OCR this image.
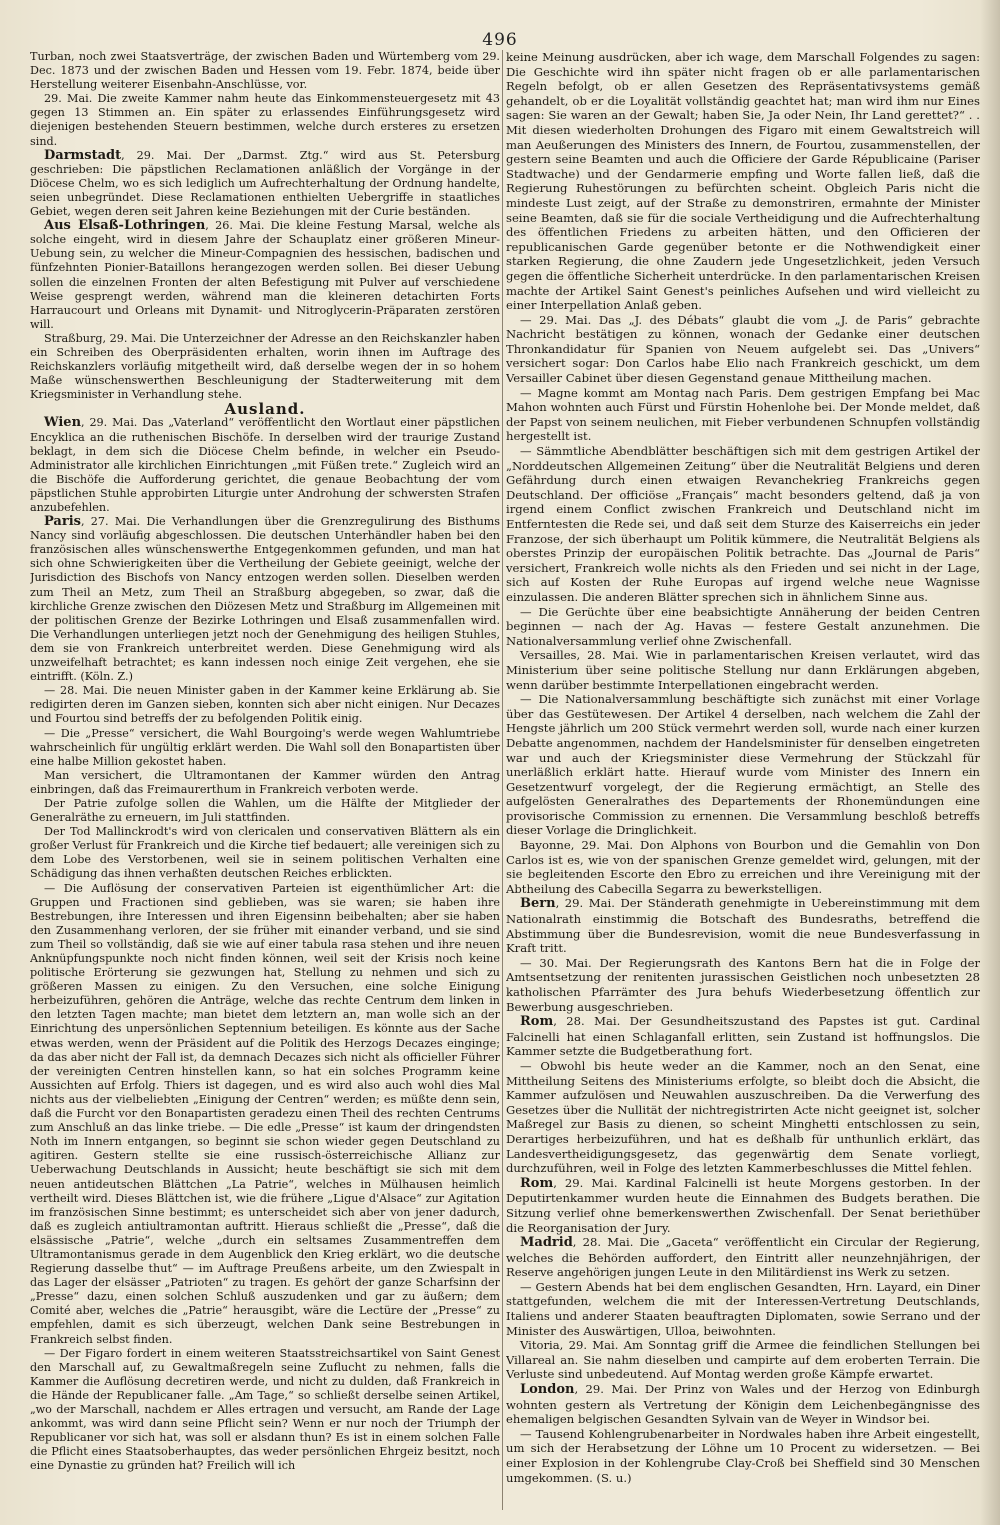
496

Turban, noch zwei Staatsverträge, der zwischen Baden und Würtemberg vom 29. Dec. 1873 und der zwischen Baden und Hessen vom 19. Febr. 1874, beide über Herstellung weiterer Eisenbahn-Anschlüsse, vor.

29. Mai. Die zweite Kammer nahm heute das Einkommensteuergesetz mit 43 gegen 13 Stimmen an. Ein später zu erlassendes Einführungsgesetz wird diejenigen bestehenden Steuern bestimmen, welche durch ersteres zu ersetzen sind.

Darmstadt, 29. Mai. Der „Darmst. Ztg.“ wird aus St. Petersburg geschrieben: Die päpstlichen Reclamationen anläßlich der Vorgänge in der Diöcese Chelm, wo es sich lediglich um Aufrechterhaltung der Ordnung handelte, seien unbegründet. Diese Reclamationen enthielten Uebergriffe in staatliches Gebiet, wegen deren seit Jahren keine Beziehungen mit der Curie beständen.

Aus Elsaß-Lothringen, 26. Mai. Die kleine Festung Marsal, welche als solche eingeht, wird in diesem Jahre der Schauplatz einer größeren Mineur-Uebung sein, zu welcher die Mineur-Compagnien des hessischen, badischen und fünfzehnten Pionier-Bataillons herangezogen werden sollen. Bei dieser Uebung sollen die einzelnen Fronten der alten Befestigung mit Pulver auf verschiedene Weise gesprengt werden, während man die kleineren detachirten Forts Harraucourt und Orleans mit Dynamit- und Nitroglycerin-Präparaten zerstören will.

Straßburg, 29. Mai. Die Unterzeichner der Adresse an den Reichskanzler haben ein Schreiben des Oberpräsidenten erhalten, worin ihnen im Auftrage des Reichskanzlers vorläufig mitgetheilt wird, daß derselbe wegen der in so hohem Maße wünschenswerthen Beschleunigung der Stadterweiterung mit dem Kriegsminister in Verhandlung stehe.

Ausland.

Wien, 29. Mai. Das „Vaterland“ veröffentlicht den Wortlaut einer päpstlichen Encyklica an die ruthenischen Bischöfe. In derselben wird der traurige Zustand beklagt, in dem sich die Diöcese Chelm befinde, in welcher ein Pseudo-Administrator alle kirchlichen Einrichtungen „mit Füßen trete.“ Zugleich wird an die Bischöfe die Aufforderung gerichtet, die genaue Beobachtung der vom päpstlichen Stuhle approbirten Liturgie unter Androhung der schwersten Strafen anzubefehlen.

Paris, 27. Mai. Die Verhandlungen über die Grenzregulirung des Bisthums Nancy sind vorläufig abgeschlossen. Die deutschen Unterhändler haben bei den französischen alles wünschenswerthe Entgegenkommen gefunden, und man hat sich ohne Schwierigkeiten über die Vertheilung der Gebiete geeinigt, welche der Jurisdiction des Bischofs von Nancy entzogen werden sollen. Dieselben werden zum Theil an Metz, zum Theil an Straßburg abgegeben, so zwar, daß die kirchliche Grenze zwischen den Diözesen Metz und Straßburg im Allgemeinen mit der politischen Grenze der Bezirke Lothringen und Elsaß zusammenfallen wird. Die Verhandlungen unterliegen jetzt noch der Genehmigung des heiligen Stuhles, dem sie von Frankreich unterbreitet werden. Diese Genehmigung wird als unzweifelhaft betrachtet; es kann indessen noch einige Zeit vergehen, ehe sie eintrifft. (Köln. Z.)

— 28. Mai. Die neuen Minister gaben in der Kammer keine Erklärung ab. Sie redigirten deren im Ganzen sieben, konnten sich aber nicht einigen. Nur Decazes und Fourtou sind betreffs der zu befolgenden Politik einig.

— Die „Presse“ versichert, die Wahl Bourgoing's werde wegen Wahlumtriebe wahrscheinlich für ungültig erklärt werden. Die Wahl soll den Bonapartisten über eine halbe Million gekostet haben.

Man versichert, die Ultramontanen der Kammer würden den Antrag einbringen, daß das Freimaurerthum in Frankreich verboten werde.

Der Patrie zufolge sollen die Wahlen, um die Hälfte der Mitglieder der Generalräthe zu erneuern, im Juli stattfinden.

Der Tod Mallinckrodt's wird von clericalen und conservativen Blättern als ein großer Verlust für Frankreich und die Kirche tief bedauert; alle vereinigen sich zu dem Lobe des Verstorbenen, weil sie in seinem politischen Verhalten eine Schädigung das ihnen verhaßten deutschen Reiches erblickten.

— Die Auflösung der conservativen Parteien ist eigenthümlicher Art: die Gruppen und Fractionen sind geblieben, was sie waren; sie haben ihre Bestrebungen, ihre Interessen und ihren Eigensinn beibehalten; aber sie haben den Zusammenhang verloren, der sie früher mit einander verband, und sie sind zum Theil so vollständig, daß sie wie auf einer tabula rasa stehen und ihre neuen Anknüpfungspunkte noch nicht finden können, weil seit der Krisis noch keine politische Erörterung sie gezwungen hat, Stellung zu nehmen und sich zu größeren Massen zu einigen. Zu den Versuchen, eine solche Einigung herbeizuführen, gehören die Anträge, welche das rechte Centrum dem linken in den letzten Tagen machte; man bietet dem letztern an, man wolle sich an der Einrichtung des unpersönlichen Septennium beteiligen. Es könnte aus der Sache etwas werden, wenn der Präsident auf die Politik des Herzogs Decazes einginge; da das aber nicht der Fall ist, da demnach Decazes sich nicht als officieller Führer der vereinigten Centren hinstellen kann, so hat ein solches Programm keine Aussichten auf Erfolg. Thiers ist dagegen, und es wird also auch wohl dies Mal nichts aus der vielbeliebten „Einigung der Centren“ werden; es müßte denn sein, daß die Furcht vor den Bonapartisten geradezu einen Theil des rechten Centrums zum Anschluß an das linke triebe. — Die edle „Presse“ ist kaum der dringendsten Noth im Innern entgangen, so beginnt sie schon wieder gegen Deutschland zu agitiren. Gestern stellte sie eine russisch-österreichische Allianz zur Ueberwachung Deutschlands in Aussicht; heute beschäftigt sie sich mit dem neuen antideutschen Blättchen „La Patrie“, welches in Mülhausen heimlich vertheilt wird. Dieses Blättchen ist, wie die frühere „Ligue d'Alsace“ zur Agitation im französischen Sinne bestimmt; es unterscheidet sich aber von jener dadurch, daß es zugleich antiultramontan auftritt. Hieraus schließt die „Presse“, daß die elsässische „Patrie“, welche „durch ein seltsames Zusammentreffen dem Ultramontanismus gerade in dem Augenblick den Krieg erklärt, wo die deutsche Regierung dasselbe thut“ — im Auftrage Preußens arbeite, um den Zwiespalt in das Lager der elsässer „Patrioten“ zu tragen. Es gehört der ganze Scharfsinn der „Presse“ dazu, einen solchen Schluß auszudenken und gar zu äußern; dem Comité aber, welches die „Patrie“ herausgibt, wäre die Lectüre der „Presse“ zu empfehlen, damit es sich überzeugt, welchen Dank seine Bestrebungen in Frankreich selbst finden.

— Der Figaro fordert in einem weiteren Staatsstreichsartikel von Saint Genest den Marschall auf, zu Gewaltmaßregeln seine Zuflucht zu nehmen, falls die Kammer die Auflösung decretiren werde, und nicht zu dulden, daß Frankreich in die Hände der Republicaner falle. „Am Tage,“ so schließt derselbe seinen Artikel, „wo der Marschall, nachdem er Alles ertragen und versucht, am Rande der Lage ankommt, was wird dann seine Pflicht sein? Wenn er nur noch der Triumph der Republicaner vor sich hat, was soll er alsdann thun? Es ist in einem solchen Falle die Pflicht eines Staatsoberhauptes, das weder persönlichen Ehrgeiz besitzt, noch eine Dynastie zu gründen hat? Freilich will ich

keine Meinung ausdrücken, aber ich wage, dem Marschall Folgendes zu sagen: Die Geschichte wird ihn später nicht fragen ob er alle parlamentarischen Regeln befolgt, ob er allen Gesetzen des Repräsentativsystems gemäß gehandelt, ob er die Loyalität vollständig geachtet hat; man wird ihm nur Eines sagen: Sie waren an der Gewalt; haben Sie, Ja oder Nein, Ihr Land gerettet?“ . . Mit diesen wiederholten Drohungen des Figaro mit einem Gewaltstreich will man Aeußerungen des Ministers des Innern, de Fourtou, zusammenstellen, der gestern seine Beamten und auch die Officiere der Garde Républicaine (Pariser Stadtwache) und der Gendarmerie empfing und Worte fallen ließ, daß die Regierung Ruhestörungen zu befürchten scheint. Obgleich Paris nicht die mindeste Lust zeigt, auf der Straße zu demonstriren, ermahnte der Minister seine Beamten, daß sie für die sociale Vertheidigung und die Aufrechterhaltung des öffentlichen Friedens zu arbeiten hätten, und den Officieren der republicanischen Garde gegenüber betonte er die Nothwendigkeit einer starken Regierung, die ohne Zaudern jede Ungesetzlichkeit, jeden Versuch gegen die öffentliche Sicherheit unterdrücke. In den parlamentarischen Kreisen machte der Artikel Saint Genest's peinliches Aufsehen und wird vielleicht zu einer Interpellation Anlaß geben.

— 29. Mai. Das „J. des Débats“ glaubt die vom „J. de Paris“ gebrachte Nachricht bestätigen zu können, wonach der Gedanke einer deutschen Thronkandidatur für Spanien von Neuem aufgelebt sei. Das „Univers“ versichert sogar: Don Carlos habe Elio nach Frankreich geschickt, um dem Versailler Cabinet über diesen Gegenstand genaue Mittheilung machen.

— Magne kommt am Montag nach Paris. Dem gestrigen Empfang bei Mac Mahon wohnten auch Fürst und Fürstin Hohenlohe bei. Der Monde meldet, daß der Papst von seinem neulichen, mit Fieber verbundenen Schnupfen vollständig hergestellt ist.

— Sämmtliche Abendblätter beschäftigen sich mit dem gestrigen Artikel der „Norddeutschen Allgemeinen Zeitung“ über die Neutralität Belgiens und deren Gefährdung durch einen etwaigen Revanchekrieg Frankreichs gegen Deutschland. Der officiöse „Français“ macht besonders geltend, daß ja von irgend einem Conflict zwischen Frankreich und Deutschland nicht im Entferntesten die Rede sei, und daß seit dem Sturze des Kaiserreichs ein jeder Franzose, der sich überhaupt um Politik kümmere, die Neutralität Belgiens als oberstes Prinzip der europäischen Politik betrachte. Das „Journal de Paris“ versichert, Frankreich wolle nichts als den Frieden und sei nicht in der Lage, sich auf Kosten der Ruhe Europas auf irgend welche neue Wagnisse einzulassen. Die anderen Blätter sprechen sich in ähnlichem Sinne aus.

— Die Gerüchte über eine beabsichtigte Annäherung der beiden Centren beginnen — nach der Ag. Havas — festere Gestalt anzunehmen. Die Nationalversammlung verlief ohne Zwischenfall.

Versailles, 28. Mai. Wie in parlamentarischen Kreisen verlautet, wird das Ministerium über seine politische Stellung nur dann Erklärungen abgeben, wenn darüber bestimmte Interpellationen eingebracht werden.

— Die Nationalversammlung beschäftigte sich zunächst mit einer Vorlage über das Gestütewesen. Der Artikel 4 derselben, nach welchem die Zahl der Hengste jährlich um 200 Stück vermehrt werden soll, wurde nach einer kurzen Debatte angenommen, nachdem der Handelsminister für denselben eingetreten war und auch der Kriegsminister diese Vermehrung der Stückzahl für unerläßlich erklärt hatte. Hierauf wurde vom Minister des Innern ein Gesetzentwurf vorgelegt, der die Regierung ermächtigt, an Stelle des aufgelösten Generalrathes des Departements der Rhonemündungen eine provisorische Commission zu ernennen. Die Versammlung beschloß betreffs dieser Vorlage die Dringlichkeit.

Bayonne, 29. Mai. Don Alphons von Bourbon und die Gemahlin von Don Carlos ist es, wie von der spanischen Grenze gemeldet wird, gelungen, mit der sie begleitenden Escorte den Ebro zu erreichen und ihre Vereinigung mit der Abtheilung des Cabecilla Segarra zu bewerkstelligen.

Bern, 29. Mai. Der Ständerath genehmigte in Uebereinstimmung mit dem Nationalrath einstimmig die Botschaft des Bundesraths, betreffend die Abstimmung über die Bundesrevision, womit die neue Bundesverfassung in Kraft tritt.

— 30. Mai. Der Regierungsrath des Kantons Bern hat die in Folge der Amtsentsetzung der renitenten jurassischen Geistlichen noch unbesetzten 28 katholischen Pfarrämter des Jura behufs Wiederbesetzung öffentlich zur Bewerbung ausgeschrieben.

Rom, 28. Mai. Der Gesundheitszustand des Papstes ist gut. Cardinal Falcinelli hat einen Schlaganfall erlitten, sein Zustand ist hoffnungslos. Die Kammer setzte die Budgetberathung fort.

— Obwohl bis heute weder an die Kammer, noch an den Senat, eine Mittheilung Seitens des Ministeriums erfolgte, so bleibt doch die Absicht, die Kammer aufzulösen und Neuwahlen auszuschreiben. Da die Verwerfung des Gesetzes über die Nullität der nichtregistrirten Acte nicht geeignet ist, solcher Maßregel zur Basis zu dienen, so scheint Minghetti entschlossen zu sein, Derartiges herbeizuführen, und hat es deßhalb für unthunlich erklärt, das Landesvertheidigungsgesetz, das gegenwärtig dem Senate vorliegt, durchzuführen, weil in Folge des letzten Kammerbeschlusses die Mittel fehlen.

Rom, 29. Mai. Kardinal Falcinelli ist heute Morgens gestorben. In der Deputirtenkammer wurden heute die Einnahmen des Budgets berathen. Die Sitzung verlief ohne bemerkenswerthen Zwischenfall. Der Senat beriethüber die Reorganisation der Jury.

Madrid, 28. Mai. Die „Gaceta“ veröffentlicht ein Circular der Regierung, welches die Behörden auffordert, den Eintritt aller neunzehnjährigen, der Reserve angehörigen jungen Leute in den Militärdienst ins Werk zu setzen.

— Gestern Abends hat bei dem englischen Gesandten, Hrn. Layard, ein Diner stattgefunden, welchem die mit der Interessen-Vertretung Deutschlands, Italiens und anderer Staaten beauftragten Diplomaten, sowie Serrano und der Minister des Auswärtigen, Ulloa, beiwohnten.

Vitoria, 29. Mai. Am Sonntag griff die Armee die feindlichen Stellungen bei Villareal an. Sie nahm dieselben und campirte auf dem eroberten Terrain. Die Verluste sind unbedeutend. Auf Montag werden große Kämpfe erwartet.

London, 29. Mai. Der Prinz von Wales und der Herzog von Edinburgh wohnten gestern als Vertretung der Königin dem Leichenbegängnisse des ehemaligen belgischen Gesandten Sylvain van de Weyer in Windsor bei.

— Tausend Kohlengrubenarbeiter in Nordwales haben ihre Arbeit eingestellt, um sich der Herabsetzung der Löhne um 10 Procent zu widersetzen. — Bei einer Explosion in der Kohlengrube Clay-Croß bei Sheffield sind 30 Menschen umgekommen. (S. u.)
